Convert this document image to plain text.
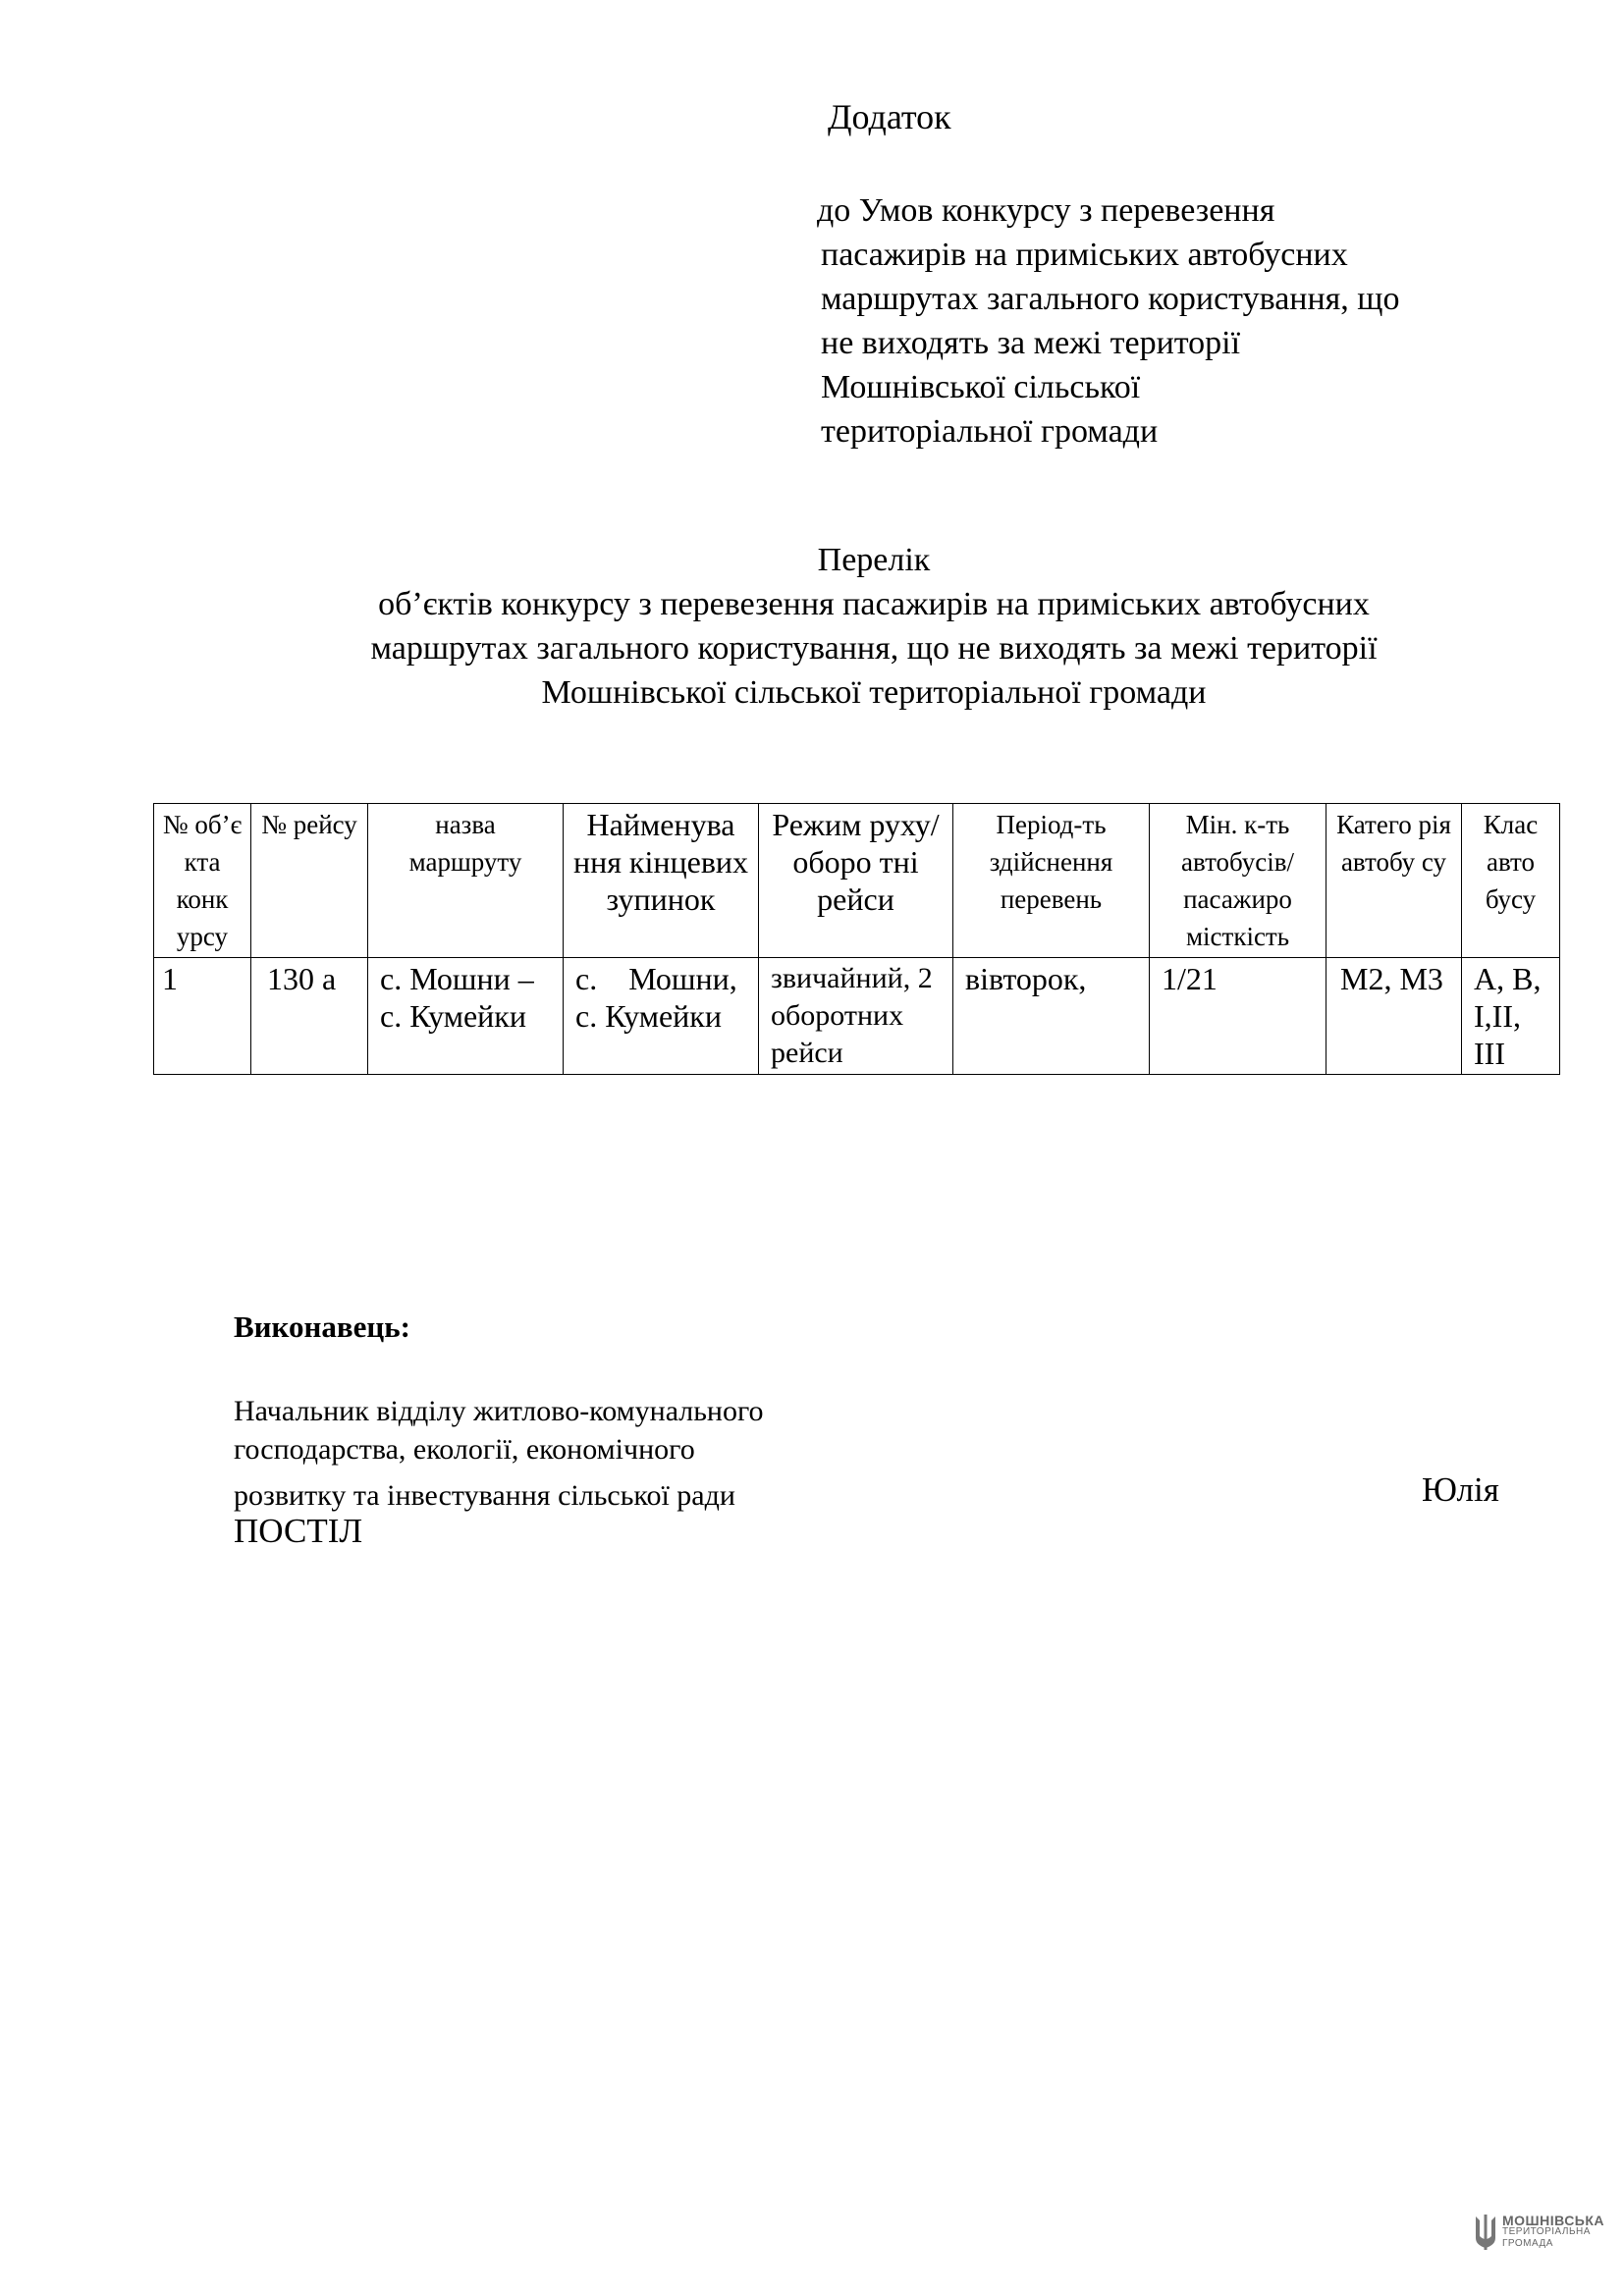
Додаток
до Умов конкурсу з перевезення
пасажирів на приміських автобусних
маршрутах загального користування, що
не виходять за межі території
Мошнівської сільської
територіальної громади
Перелік
об’єктів конкурсу з перевезення пасажирів на приміських автобусних
маршрутах загального користування, що не виходять за межі території
Мошнівської сільської територіальної громади
№ об’є кта конк урсу	№ рейсу	назва маршруту	Найменува ння кінцевих зупинок	Режим руху/оборо тні рейси	Період-ть здійснення перевень	Мін. к-ть автобусів/ пасажиро місткість	Катего рія автобу су	Клас авто бусу
1	130 а	с. Мошни – с. Кумейки	с.    Мошни, с. Кумейки	звичайний, 2 оборотних рейси	вівторок,	1/21	М2, М3	A, B, I,II, III
Виконавець:
Начальник відділу житлово-комунального
господарства, екології, економічного
розвитку та інвестування сільської ради	Юлія
ПОСТІЛ
МОШНІВСЬКА
ТЕРИТОРІАЛЬНА
ГРОМАДА
